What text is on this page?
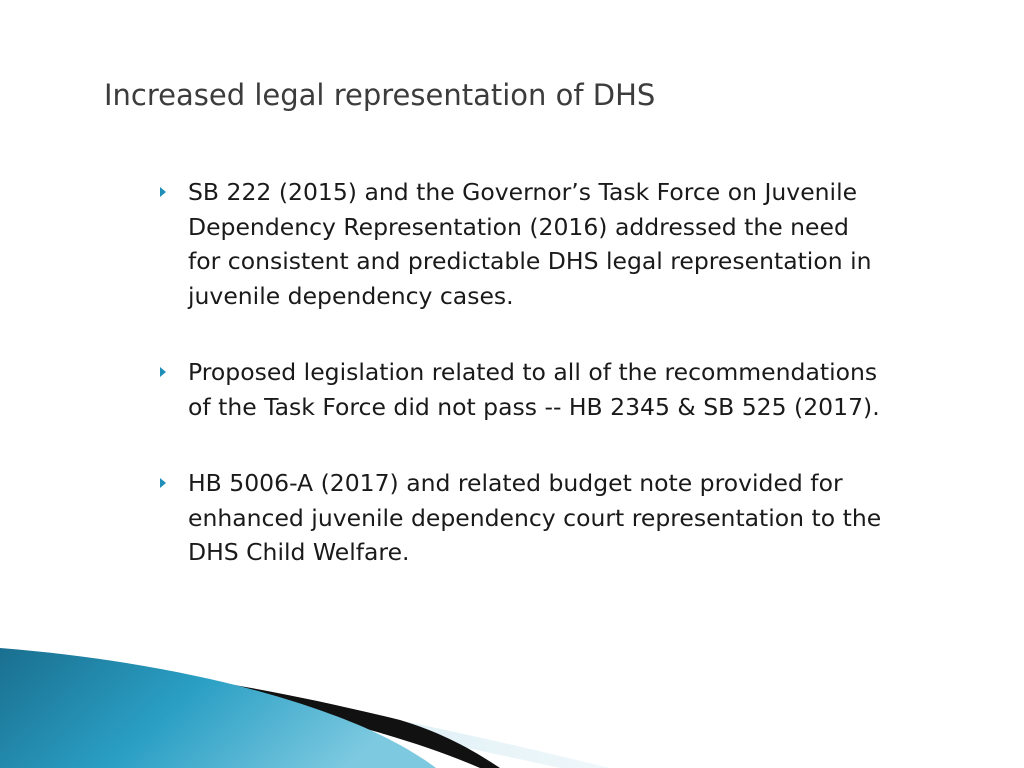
Increased legal representation of DHS
SB 222 (2015) and the Governor’s Task Force on Juvenile Dependency Representation (2016) addressed the need for consistent and predictable DHS legal representation in juvenile dependency cases.
Proposed legislation related to all of the recommendations of the Task Force did not pass -- HB 2345 & SB 525 (2017).
HB 5006-A (2017) and related budget note provided for enhanced juvenile dependency court representation to the DHS Child Welfare.
